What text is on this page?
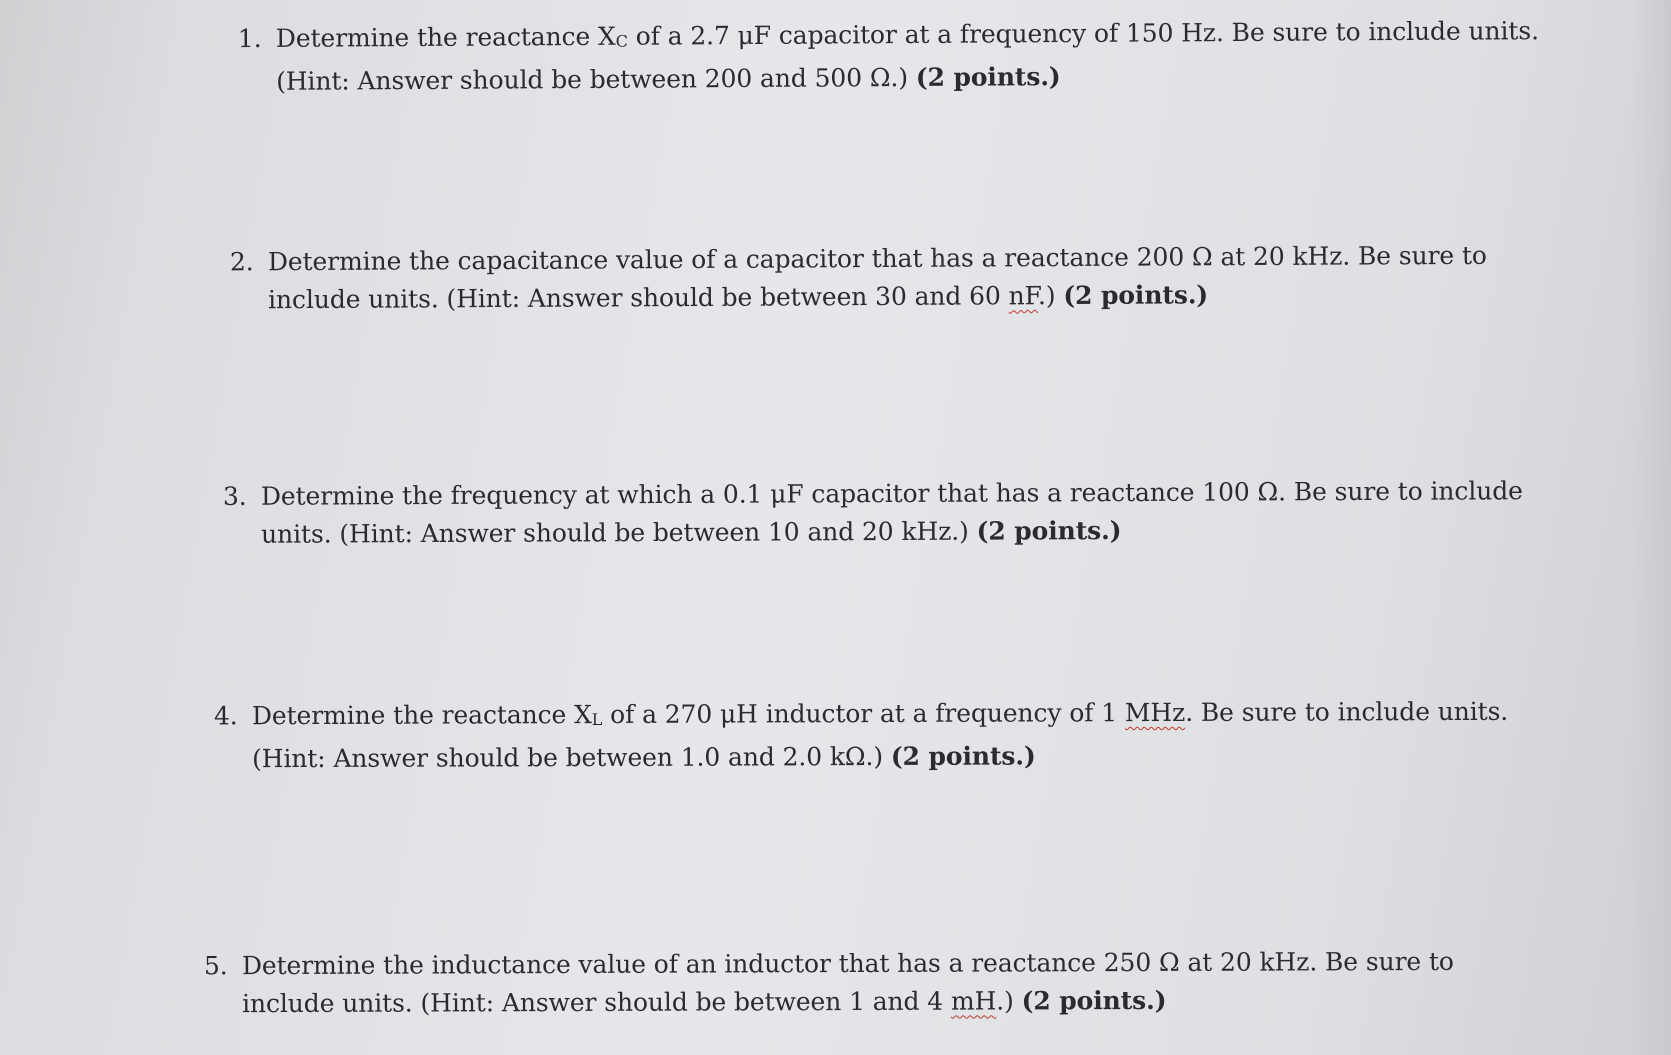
1. Determine the reactance XC of a 2.7 μF capacitor at a frequency of 150 Hz. Be sure to include units.
(Hint: Answer should be between 200 and 500 Ω.) (2 points.)
2. Determine the capacitance value of a capacitor that has a reactance 200 Ω at 20 kHz. Be sure to
include units. (Hint: Answer should be between 30 and 60 nF.) (2 points.)
3. Determine the frequency at which a 0.1 μF capacitor that has a reactance 100 Ω. Be sure to include
units. (Hint: Answer should be between 10 and 20 kHz.) (2 points.)
4. Determine the reactance XL of a 270 μH inductor at a frequency of 1 MHz. Be sure to include units.
(Hint: Answer should be between 1.0 and 2.0 kΩ.) (2 points.)
5. Determine the inductance value of an inductor that has a reactance 250 Ω at 20 kHz. Be sure to
include units. (Hint: Answer should be between 1 and 4 mH.) (2 points.)
